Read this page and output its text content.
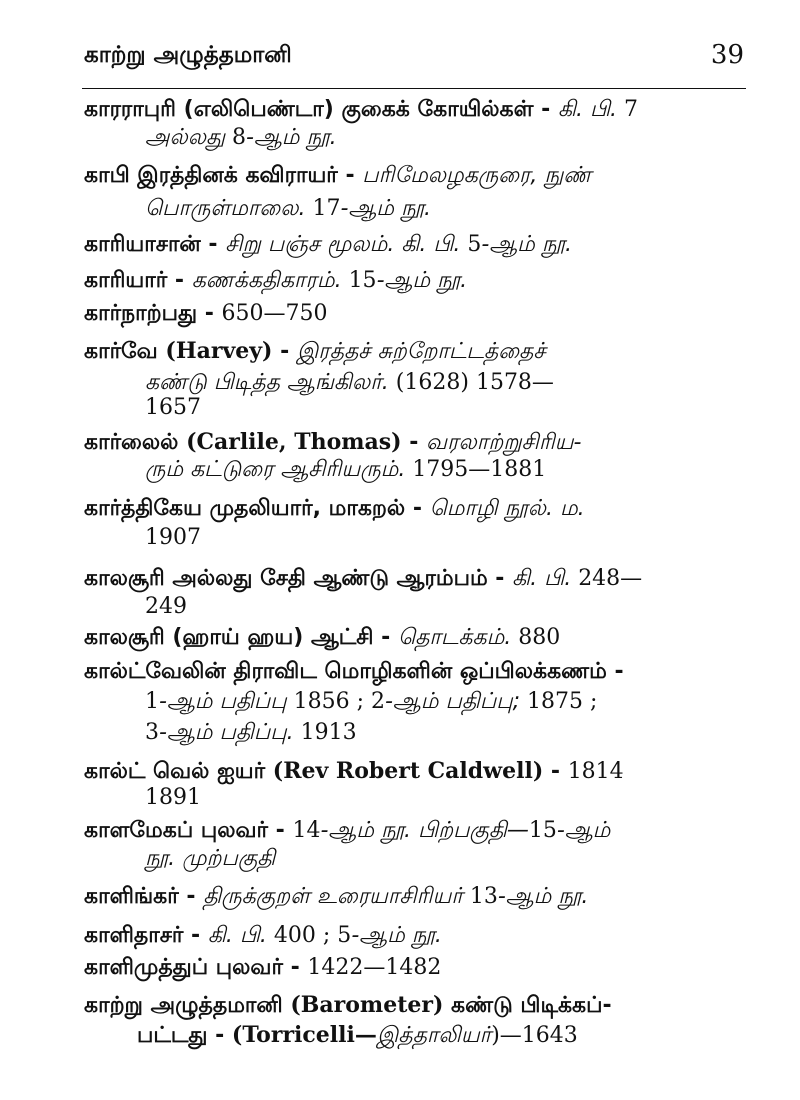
காற்று அழுத்தமானி	39
காரராபுரி (எலிபெண்டா) குகைக் கோயில்கள் - கி. பி. 7
அல்லது 8-ஆம் நூ.
காபி இரத்தினக் கவிராயர் - பரிமேலழகருரை, நுண்
பொருள்மாலை. 17-ஆம் நூ.
காரியாசான் - சிறு பஞ்ச மூலம். கி. பி. 5-ஆம் நூ.
காரியார் - கணக்கதிகாரம். 15-ஆம் நூ.
கார்நாற்பது - 650—750
கார்வே (Harvey) - இரத்தச் சுற்றோட்டத்தைச்
கண்டு பிடித்த ஆங்கிலர். (1628) 1578—
1657
கார்லைல் (Carlile, Thomas) - வரலாற்றுசிரிய-
ரும் கட்டுரை ஆசிரியரும். 1795—1881
கார்த்திகேய முதலியார், மாகறல் - மொழி நூல். ம.
1907
காலசூரி அல்லது சேதி ஆண்டு ஆரம்பம் - கி. பி. 248—
249
காலசூரி (ஹாய் ஹய) ஆட்சி - தொடக்கம். 880
கால்ட்வேலின் திராவிட மொழிகளின் ஒப்பிலக்கணம் -
1-ஆம் பதிப்பு 1856 ; 2-ஆம் பதிப்பு; 1875 ;
3-ஆம் பதிப்பு. 1913
கால்ட் வெல் ஐயர் (Rev Robert Caldwell) - 1814
1891
காளமேகப் புலவர் - 14-ஆம் நூ. பிற்பகுதி—15-ஆம்
நூ. முற்பகுதி
காளிங்கர் - திருக்குறள் உரையாசிரியர் 13-ஆம் நூ.
காளிதாசர் - கி. பி. 400 ; 5-ஆம் நூ.
காளிமுத்துப் புலவர் - 1422—1482
காற்று அழுத்தமானி (Barometer) கண்டு பிடிக்கப்-
பட்டது - (Torricelli—இத்தாலியர்)—1643
